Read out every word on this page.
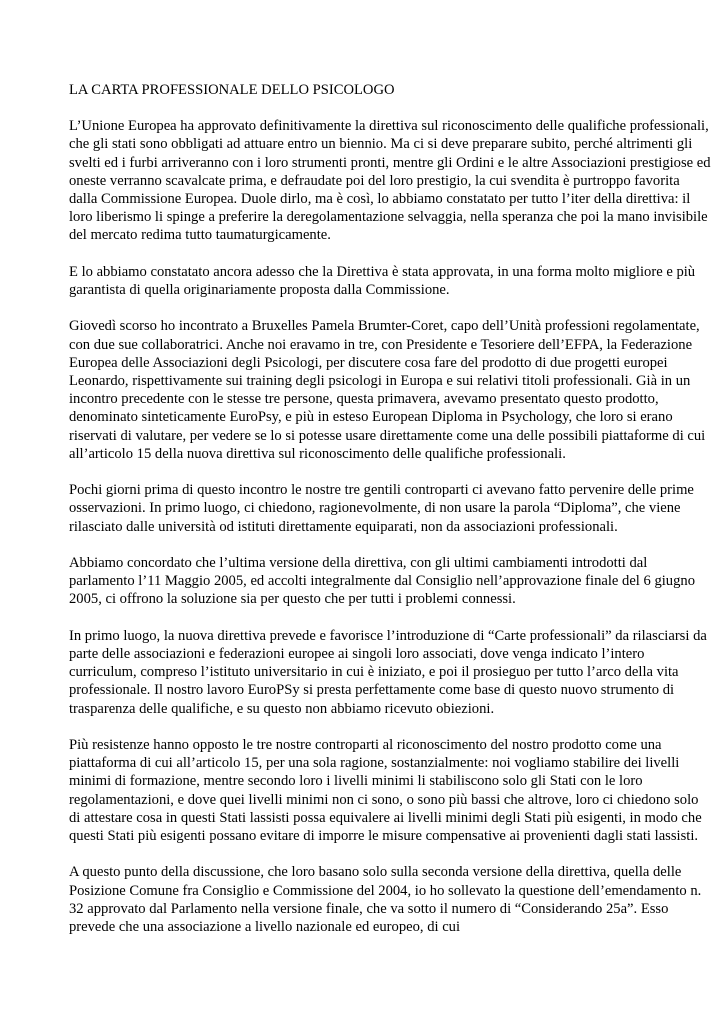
LA CARTA PROFESSIONALE DELLO PSICOLOGO

L’Unione Europea ha approvato definitivamente la direttiva sul riconoscimento delle qualifiche professionali, che gli stati sono obbligati ad attuare entro un biennio. Ma ci si deve preparare subito, perché altrimenti gli svelti ed i furbi arriveranno con i loro strumenti pronti, mentre gli Ordini e le altre Associazioni prestigiose ed oneste verranno scavalcate prima, e defraudate poi del loro prestigio, la cui svendita è purtroppo favorita dalla Commissione Europea. Duole dirlo, ma è così, lo abbiamo constatato per tutto l’iter della direttiva: il loro liberismo li spinge a preferire la deregolamentazione selvaggia, nella speranza che poi la mano invisibile del mercato redima tutto taumaturgicamente.

E lo abbiamo constatato ancora adesso che la Direttiva è stata approvata, in una forma molto migliore e più garantista di quella originariamente proposta dalla Commissione.

Giovedì scorso ho incontrato a Bruxelles Pamela Brumter-Coret, capo dell’Unità professioni regolamentate, con due sue collaboratrici. Anche noi eravamo in tre, con Presidente e Tesoriere dell’EFPA, la Federazione Europea delle Associazioni degli Psicologi, per discutere cosa fare del prodotto di due progetti europei Leonardo, rispettivamente sui training degli psicologi in Europa e sui relativi titoli professionali. Già in un incontro precedente con le stesse tre persone, questa primavera, avevamo presentato questo prodotto, denominato sinteticamente EuroPsy, e più in esteso European Diploma in Psychology, che loro si erano riservati di valutare, per vedere se lo si potesse usare direttamente come una delle possibili piattaforme di cui all’articolo 15 della nuova direttiva sul riconoscimento delle qualifiche professionali.

Pochi giorni prima di questo incontro le nostre tre gentili controparti ci avevano fatto pervenire delle prime osservazioni. In primo luogo, ci chiedono, ragionevolmente, di non usare la parola “Diploma”, che viene rilasciato dalle università od istituti direttamente equiparati, non da associazioni professionali.

Abbiamo concordato che l’ultima versione della direttiva, con gli ultimi cambiamenti introdotti dal parlamento l’11 Maggio 2005, ed accolti integralmente dal Consiglio nell’approvazione finale del 6 giugno 2005, ci offrono la soluzione sia per questo che per tutti i problemi connessi.

In primo luogo, la nuova direttiva prevede e favorisce l’introduzione di “Carte professionali” da rilasciarsi da parte delle associazioni e federazioni europee ai singoli loro associati, dove venga indicato l’intero curriculum, compreso l’istituto universitario in cui è iniziato, e poi il prosieguo per tutto l’arco della vita professionale. Il nostro lavoro EuroPSy si presta perfettamente come base di questo nuovo strumento di trasparenza delle qualifiche, e su questo non abbiamo ricevuto obiezioni.

Più resistenze hanno opposto le tre nostre controparti al riconoscimento del nostro prodotto come una piattaforma di cui all’articolo 15, per una sola ragione, sostanzialmente: noi vogliamo stabilire dei livelli minimi di formazione, mentre secondo loro i livelli minimi li stabiliscono solo gli Stati con le loro regolamentazioni, e dove quei livelli minimi non ci sono, o sono più bassi che altrove, loro ci chiedono solo di attestare cosa in questi Stati lassisti possa equivalere ai livelli minimi degli Stati più esigenti, in modo che questi Stati più esigenti possano evitare di imporre le misure compensative ai provenienti dagli stati lassisti.

A questo punto della discussione, che loro basano solo sulla seconda versione della direttiva, quella delle Posizione Comune fra Consiglio e Commissione del 2004, io ho sollevato la questione dell’emendamento n. 32 approvato dal Parlamento nella versione finale, che va sotto il numero di “Considerando 25a”. Esso prevede che una associazione a livello nazionale ed europeo, di cui
